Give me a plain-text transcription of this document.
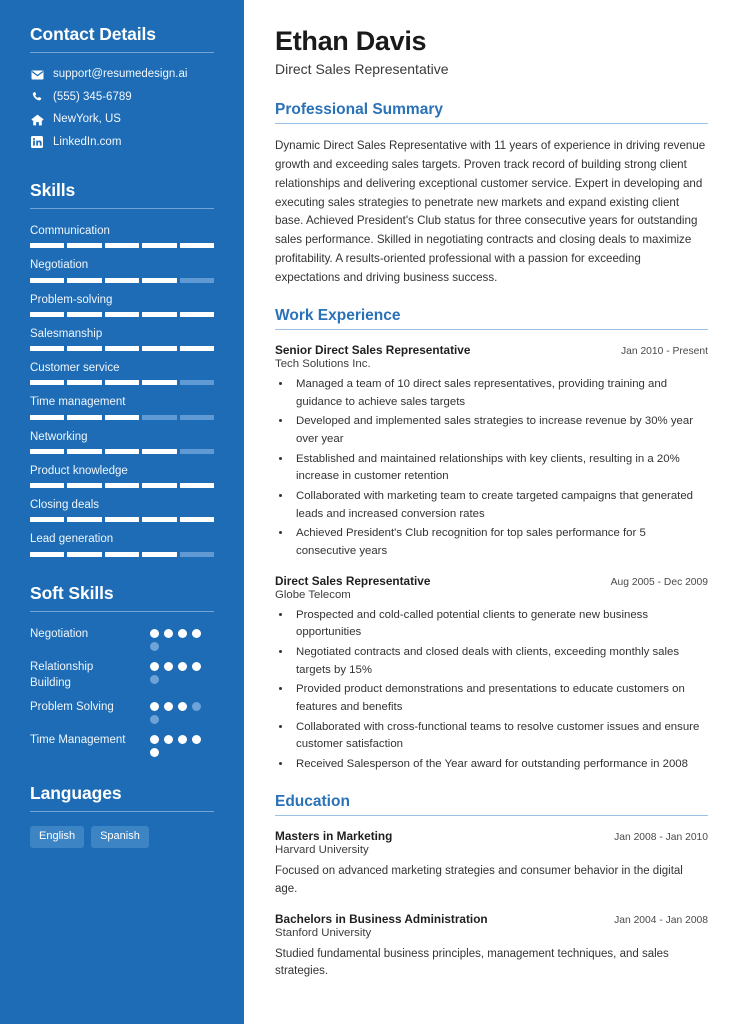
Contact Details
support@resumedesign.ai
(555) 345-6789
NewYork, US
LinkedIn.com
Skills
Communication
Negotiation
Problem-solving
Salesmanship
Customer service
Time management
Networking
Product knowledge
Closing deals
Lead generation
Soft Skills
Negotiation
Relationship Building
Problem Solving
Time Management
Languages
English	Spanish
Ethan Davis
Direct Sales Representative
Professional Summary

Dynamic Direct Sales Representative with 11 years of experience in driving revenue growth and exceeding sales targets. Proven track record of building strong client relationships and delivering exceptional customer service. Expert in developing and executing sales strategies to penetrate new markets and expand existing client base. Achieved President's Club status for three consecutive years for outstanding sales performance. Skilled in negotiating contracts and closing deals to maximize profitability. A results-oriented professional with a passion for exceeding expectations and driving business success.

Work Experience
Senior Direct Sales Representative	Jan 2010 - Present
Tech Solutions Inc.
• Managed a team of 10 direct sales representatives, providing training and guidance to achieve sales targets
• Developed and implemented sales strategies to increase revenue by 30% year over year
• Established and maintained relationships with key clients, resulting in a 20% increase in customer retention
• Collaborated with marketing team to create targeted campaigns that generated leads and increased conversion rates
• Achieved President's Club recognition for top sales performance for 5 consecutive years
Direct Sales Representative	Aug 2005 - Dec 2009
Globe Telecom
• Prospected and cold-called potential clients to generate new business opportunities
• Negotiated contracts and closed deals with clients, exceeding monthly sales targets by 15%
• Provided product demonstrations and presentations to educate customers on features and benefits
• Collaborated with cross-functional teams to resolve customer issues and ensure customer satisfaction
• Received Salesperson of the Year award for outstanding performance in 2008
Education
Masters in Marketing	Jan 2008 - Jan 2010
Harvard University
Focused on advanced marketing strategies and consumer behavior in the digital age.
Bachelors in Business Administration	Jan 2004 - Jan 2008
Stanford University
Studied fundamental business principles, management techniques, and sales strategies.
